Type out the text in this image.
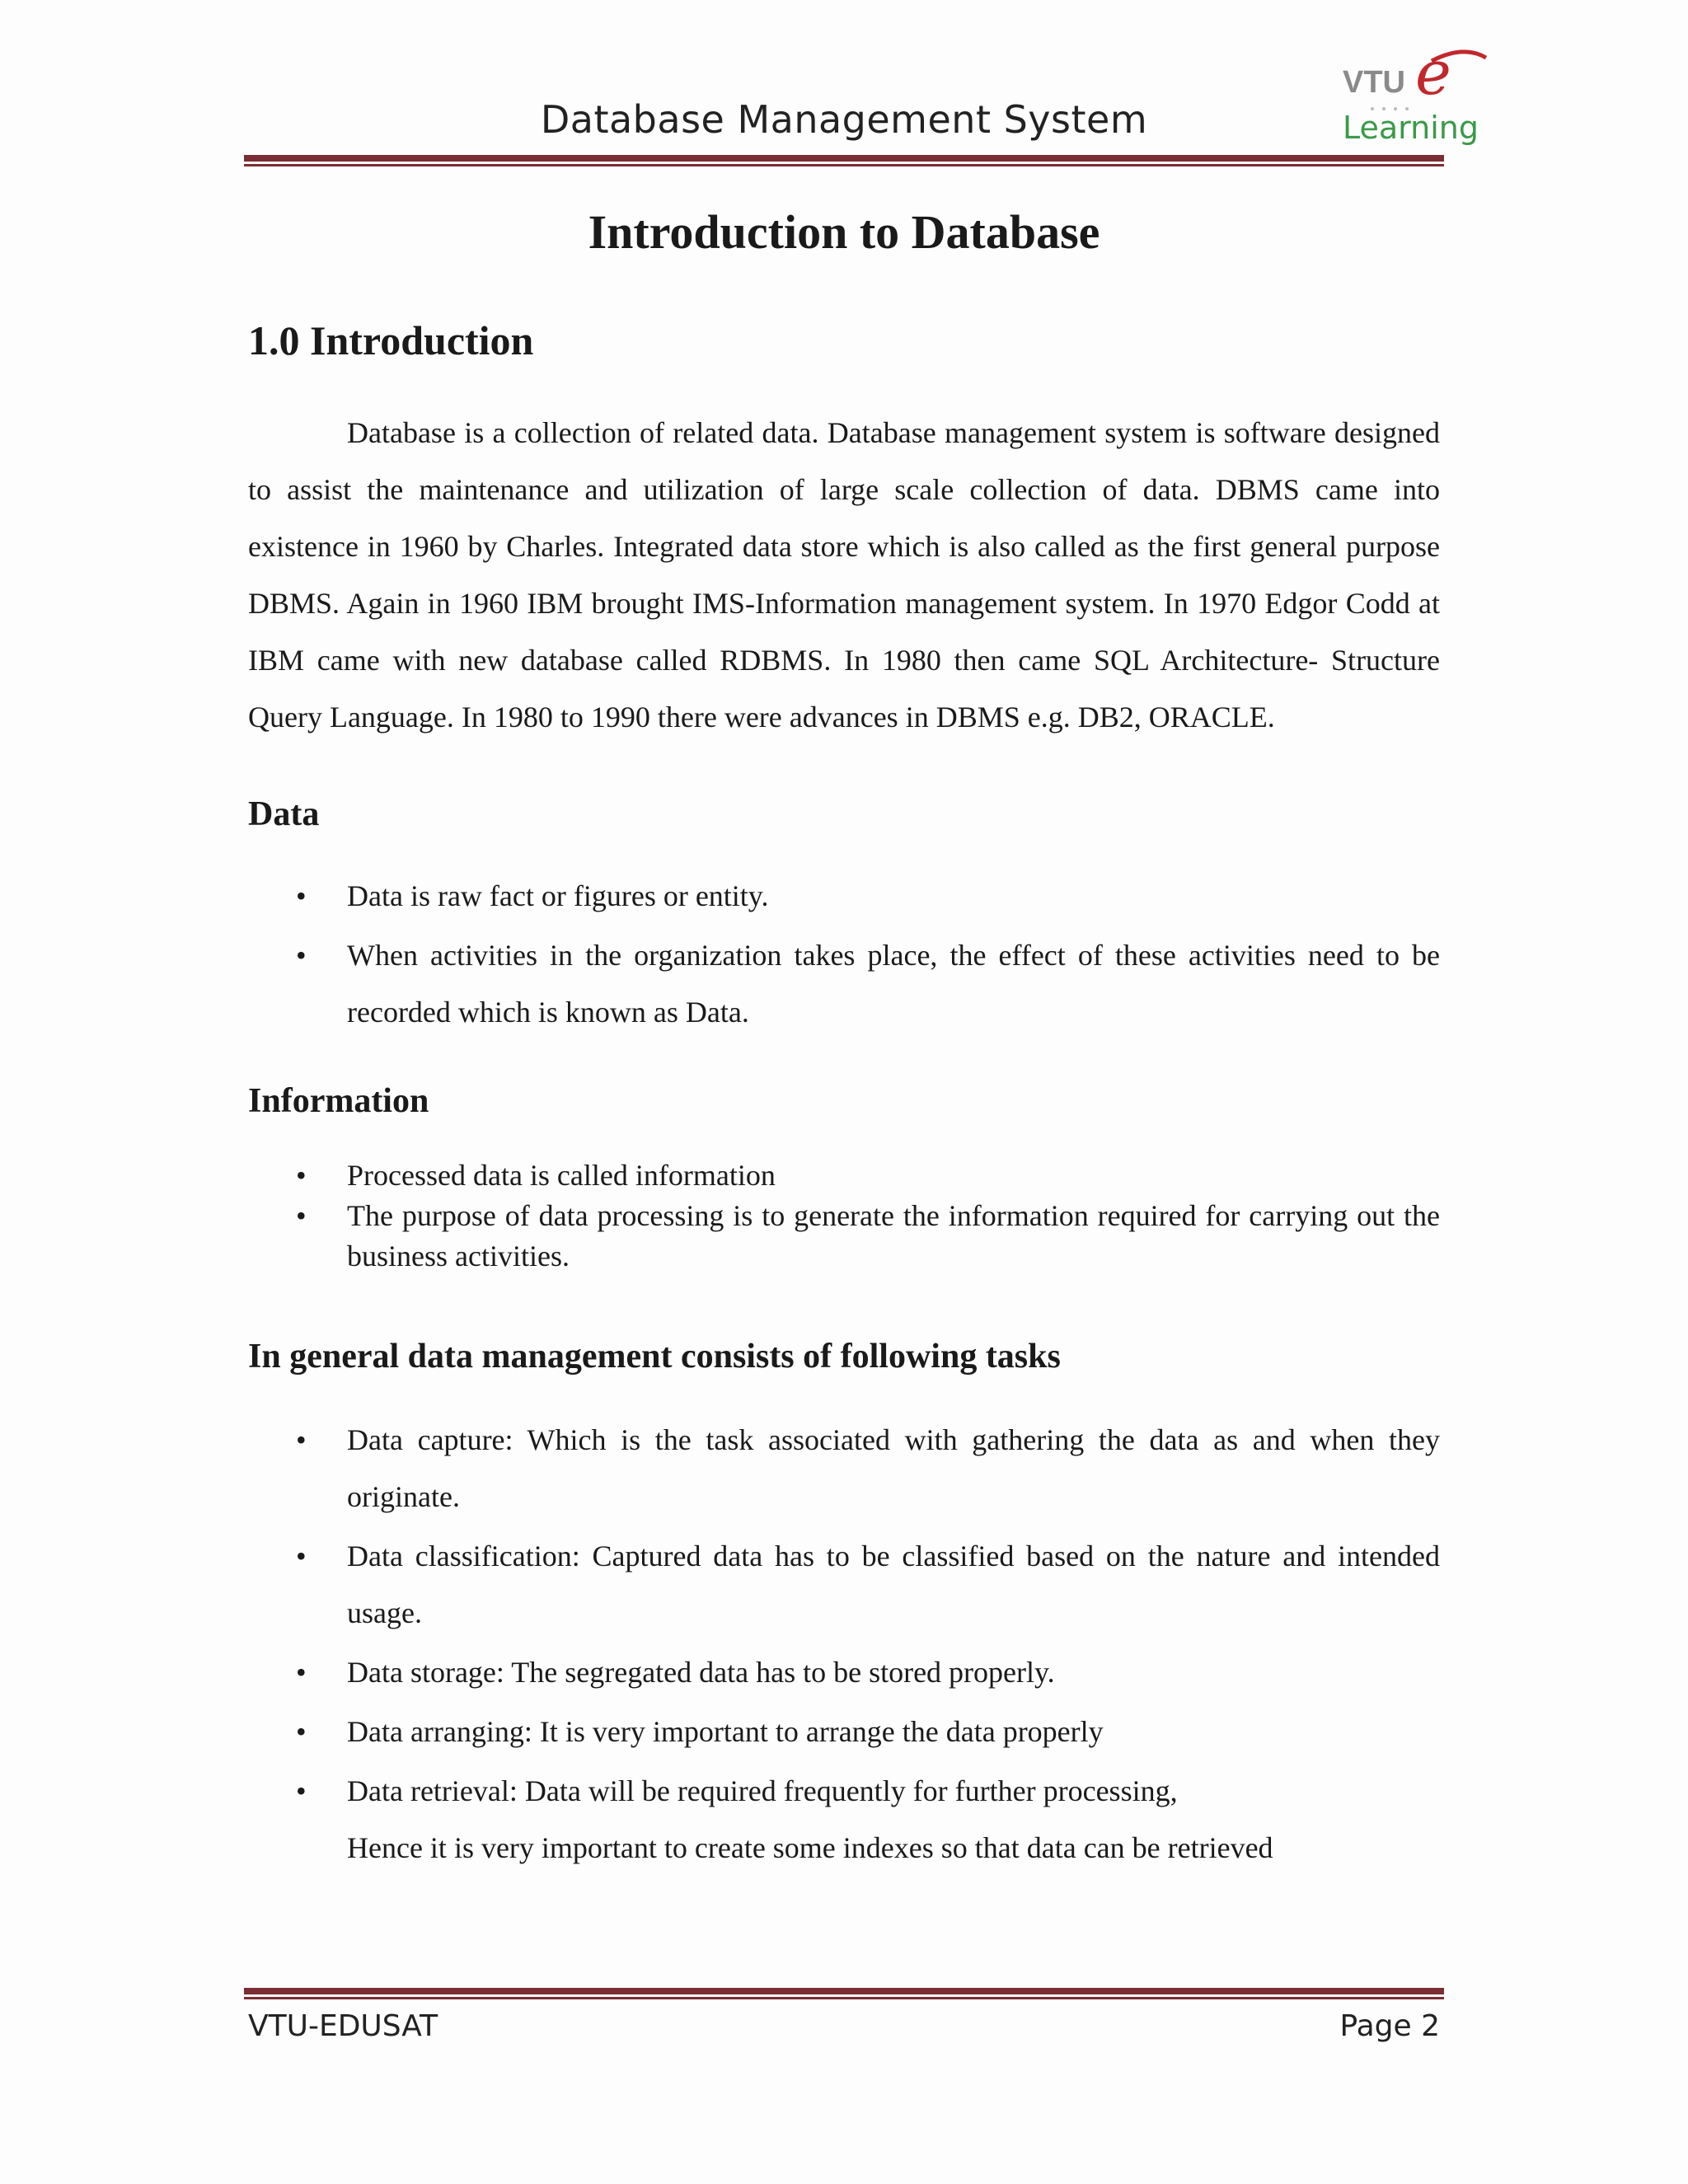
Database Management System
VTU e
Learning
Introduction to Database
1.0 Introduction

Database is a collection of related data. Database management system is software designed to assist the maintenance and utilization of large scale collection of data. DBMS came into existence in 1960 by Charles. Integrated data store which is also called as the first general purpose DBMS. Again in 1960 IBM brought IMS-Information management system. In 1970 Edgor Codd at IBM came with new database called RDBMS. In 1980 then came SQL Architecture- Structure Query Language. In 1980 to 1990 there were advances in DBMS e.g. DB2, ORACLE.

Data
• Data is raw fact or figures or entity.
• When activities in the organization takes place, the effect of these activities need to be recorded which is known as Data.
Information
• Processed data is called information
• The purpose of data processing is to generate the information required for carrying out the business activities.
In general data management consists of following tasks
• Data capture: Which is the task associated with gathering the data as and when they originate.
• Data classification: Captured data has to be classified based on the nature and intended usage.
• Data storage: The segregated data has to be stored properly.
• Data arranging: It is very important to arrange the data properly
• Data retrieval: Data will be required frequently for further processing,
Hence it is very important to create some indexes so that data can be retrieved
VTU-EDUSAT	Page 2
